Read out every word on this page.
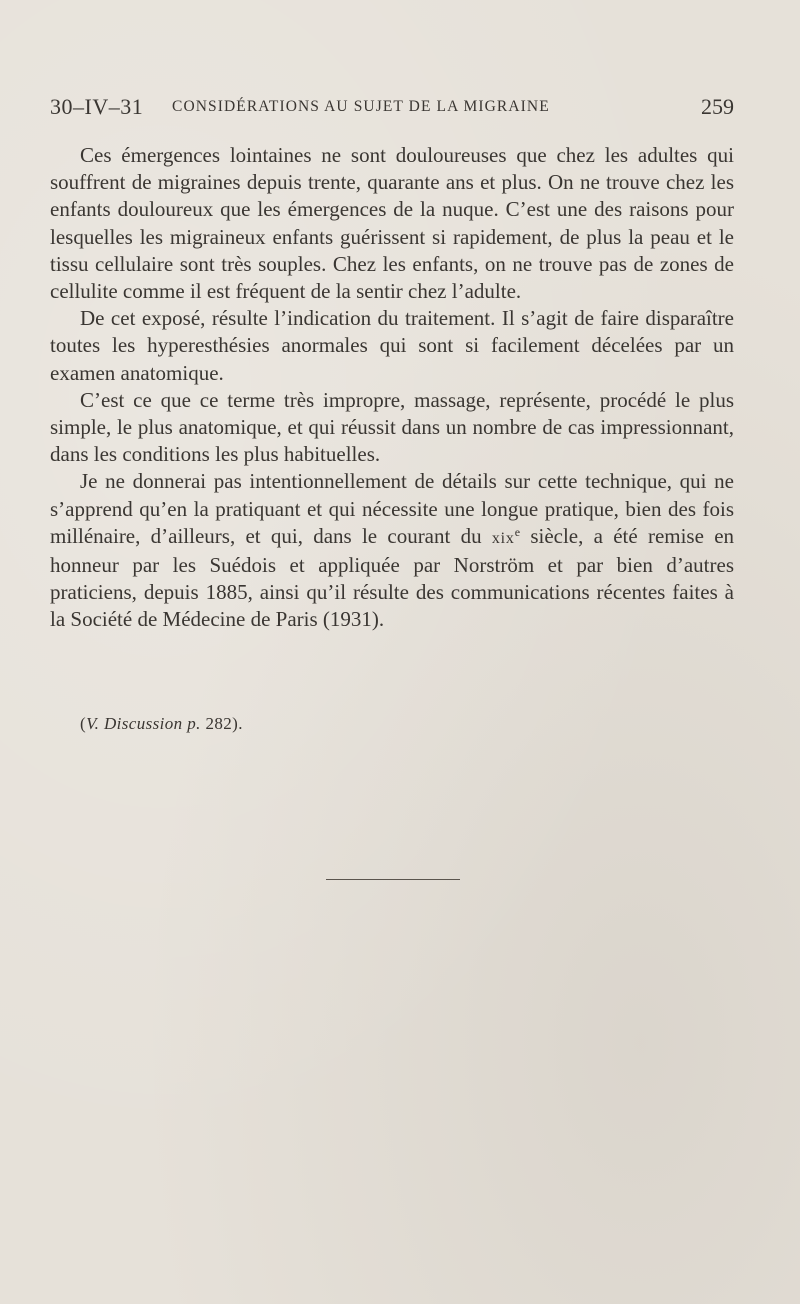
30–IV–31 CONSIDÉRATIONS AU SUJET DE LA MIGRAINE	259

Ces émergences lointaines ne sont douloureuses que chez les adultes qui souffrent de migraines depuis trente, quarante ans et plus. On ne trouve chez les enfants douloureux que les émergences de la nuque. C’est une des raisons pour lesquelles les migraineux enfants guérissent si rapidement, de plus la peau et le tissu cellulaire sont très souples. Chez les enfants, on ne trouve pas de zones de cellulite comme il est fréquent de la sentir chez l’adulte.

De cet exposé, résulte l’indication du traitement. Il s’agit de faire disparaître toutes les hyperesthésies anormales qui sont si facilement décelées par un examen anatomique.

C’est ce que ce terme très impropre, massage, représente, procédé le plus simple, le plus anatomique, et qui réussit dans un nombre de cas impressionnant, dans les conditions les plus habituelles.

Je ne donnerai pas intentionnellement de détails sur cette technique, qui ne s’apprend qu’en la pratiquant et qui nécessite une longue pratique, bien des fois millénaire, d’ailleurs, et qui, dans le courant du xix$^e$ siècle, a été remise en honneur par les Suédois et appliquée par Norström et par bien d’autres praticiens, depuis 1885, ainsi qu’il résulte des communications récentes faites à la Société de Médecine de Paris (1931).

(V. Discussion p. 282).
